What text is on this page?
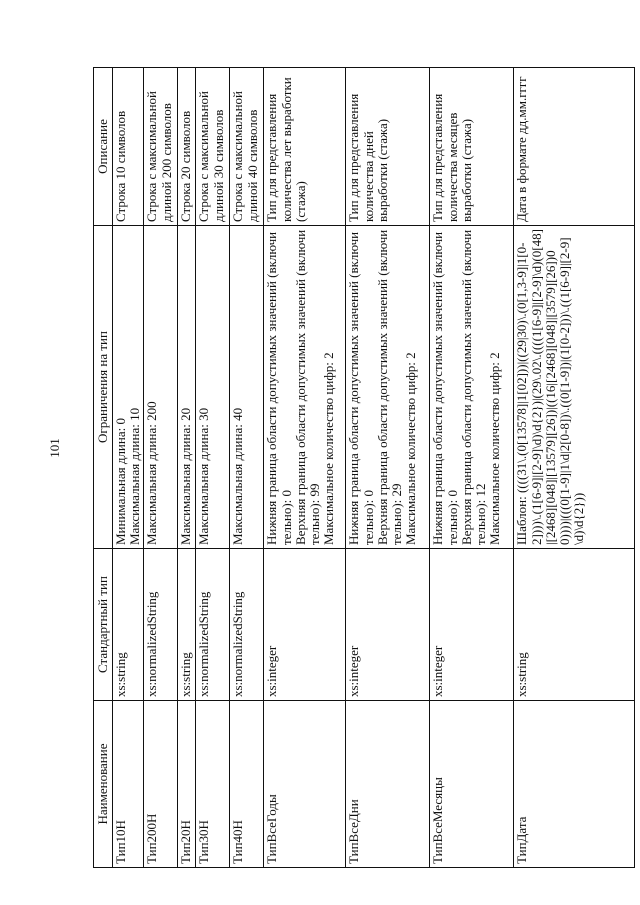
101
Наименование	Стандартный тип	Ограничения на тип	Описание
Тип10Н	xs:string	Минимальная длина: 0 Максимальная длина: 10	Строка 10 символов
Тип200Н	xs:normalizedString	Максимальная длина: 200	Строка с максимальной длиной 200 символов
Тип20Н	xs:string	Максимальная длина: 20	Строка 20 символов
Тип30Н	xs:normalizedString	Максимальная длина: 30	Строка с максимальной длиной 30 символов
Тип40Н	xs:normalizedString	Максимальная длина: 40	Строка с максимальной длиной 40 символов
ТипВсеГоды	xs:integer	Нижняя граница области допустимых значений (включительно): 0 Верхняя граница области допустимых значений (включительно): 99 Максимальное количество цифр: 2	Тип для представления количества лет выработки (стажа)
ТипВсеДни	xs:integer	Нижняя граница области допустимых значений (включительно): 0 Верхняя граница области допустимых значений (включительно): 29 Максимальное количество цифр: 2	Тип для представления количества дней выработки (стажа)
ТипВсеМесяцы	xs:integer	Нижняя граница области допустимых значений (включительно): 0 Верхняя граница области допустимых значений (включительно): 12 Максимальное количество цифр: 2	Тип для представления количества месяцев выработки (стажа)
ТипДата	xs:string	Шаблон: ((((31\.(0[13578]|1[02]))|((29|30)\.(0[1,3-9]|1[0-2])))\.(1[6-9]|[2-9]\d)\d{2})|(29\.02\.((((1[6-9]|[2-9]\d)(0[48]|[2468][048]|[13579][26])|((16|[2468][048]|[3579][26])00))))|(((0[1-9]|1\d|2[0-8])\.((0[1-9])|(1[0-2]))\.((1[6-9]|[2-9]\d)\d{2}))	Дата в формате дд.мм.гггг
